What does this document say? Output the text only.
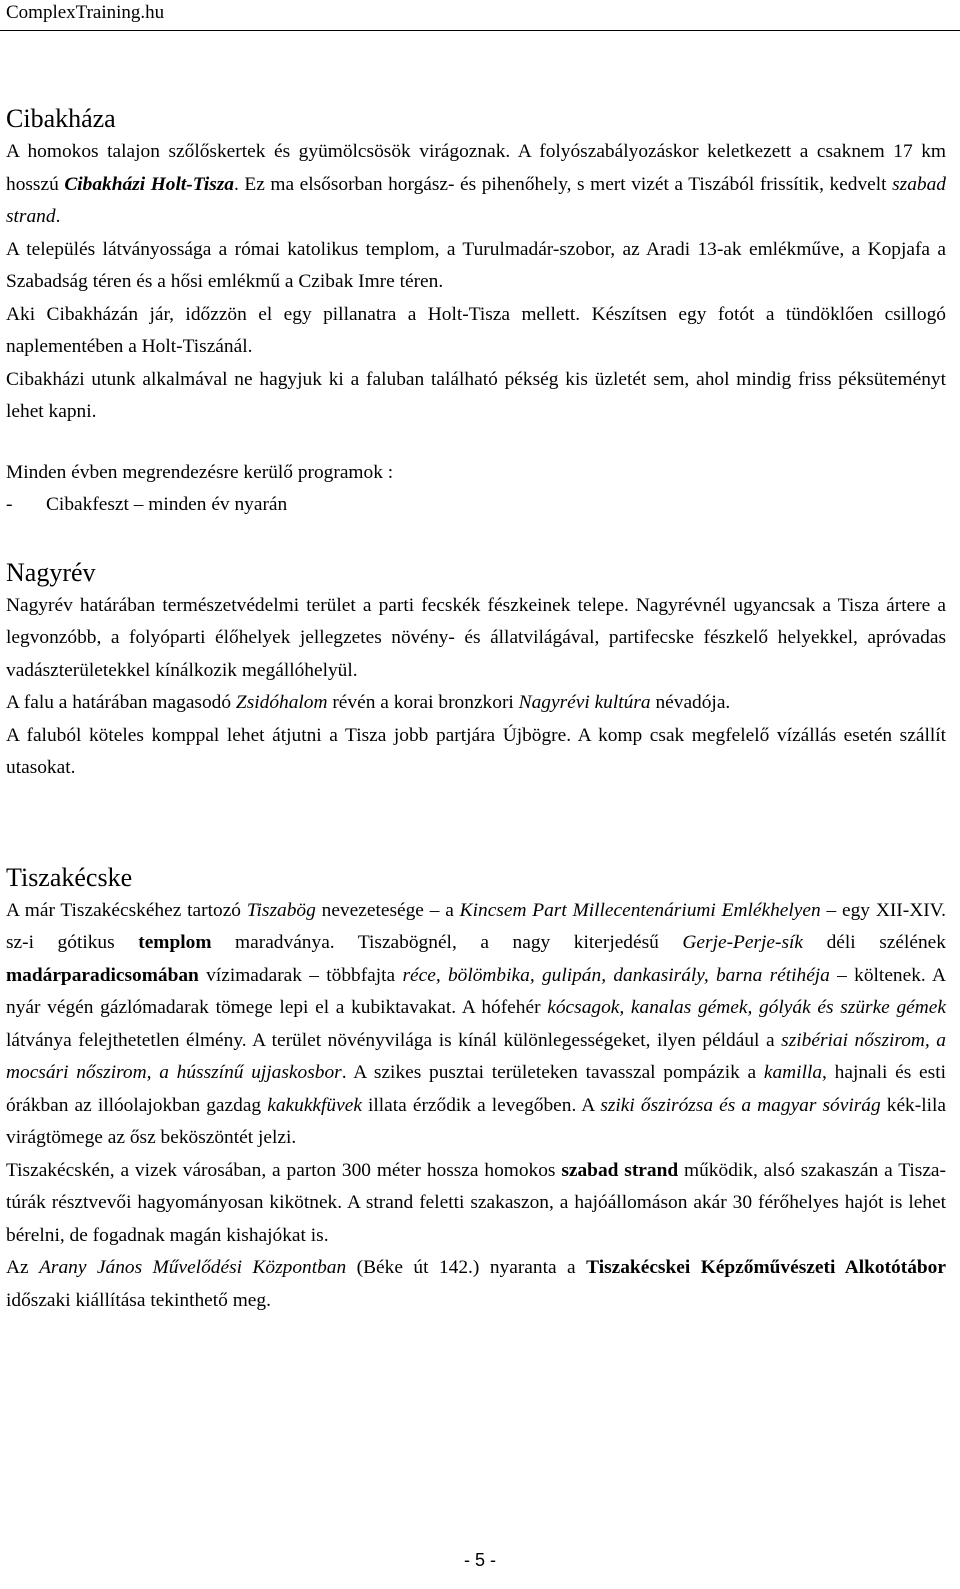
ComplexTraining.hu
Cibakháza

A homokos talajon szőlőskertek és gyümölcsösök virágoznak. A folyószabályozáskor keletkezett a csaknem 17 km hosszú Cibakházi Holt-Tisza. Ez ma elsősorban horgász- és pihenőhely, s mert vizét a Tiszából frissítik, kedvelt szabad strand.

A település látványossága a római katolikus templom, a Turulmadár-szobor, az Aradi 13-ak emlékműve, a Kopjafa a Szabadság téren és a hősi emlékmű a Czibak Imre téren.

Aki Cibakházán jár, időzzön el egy pillanatra a Holt-Tisza mellett. Készítsen egy fotót a tündöklően csillogó naplementében a Holt-Tiszánál.

Cibakházi utunk alkalmával ne hagyjuk ki a faluban található pékség kis üzletét sem, ahol mindig friss péksüteményt lehet kapni.

Minden évben megrendezésre kerülő programok :

- Cibakfeszt – minden év nyarán
Nagyrév

Nagyrév határában természetvédelmi terület a parti fecskék fészkeinek telepe. Nagyrévnél ugyancsak a Tisza ártere a legvonzóbb, a folyóparti élőhelyek jellegzetes növény- és állatvilágával, partifecske fészkelő helyekkel, apróvadas vadászterületekkel kínálkozik megállóhelyül.

A falu a határában magasodó Zsidóhalom révén a korai bronzkori Nagyrévi kultúra névadója.

A faluból köteles komppal lehet átjutni a Tisza jobb partjára Újbögre. A komp csak megfelelő vízállás esetén szállít utasokat.

Tiszakécske

A már Tiszakécskéhez tartozó Tiszabög nevezetesége – a Kincsem Part Millecentenáriumi Emlékhelyen – egy XII-XIV. sz-i gótikus templom maradványa. Tiszabögnél, a nagy kiterjedésű Gerje-Perje-sík déli szélének madárparadicsomában vízimadarak – többfajta réce, bölömbika, gulipán, dankasirály, barna rétihéja – költenek. A nyár végén gázlómadarak tömege lepi el a kubiktavakat. A hófehér kócsagok, kanalas gémek, gólyák és szürke gémek látványa felejthetetlen élmény. A terület növényvilága is kínál különlegességeket, ilyen például a szibériai nőszirom, a mocsári nőszirom, a hússzínű ujjaskosbor. A szikes pusztai területeken tavasszal pompázik a kamilla, hajnali és esti órákban az illóolajokban gazdag kakukkfüvek illata érződik a levegőben. A sziki őszirózsa és a magyar sóvirág kék-lila virágtömege az ősz beköszöntét jelzi.

Tiszakécskén, a vizek városában, a parton 300 méter hossza homokos szabad strand működik, alsó szakaszán a Tisza-túrák résztvevői hagyományosan kikötnek. A strand feletti szakaszon, a hajóállomáson akár 30 férőhelyes hajót is lehet bérelni, de fogadnak magán kishajókat is.

Az Arany János Művelődési Központban (Béke út 142.) nyaranta a Tiszakécskei Képzőművészeti Alkotótábor időszaki kiállítása tekinthető meg.

- 5 -
